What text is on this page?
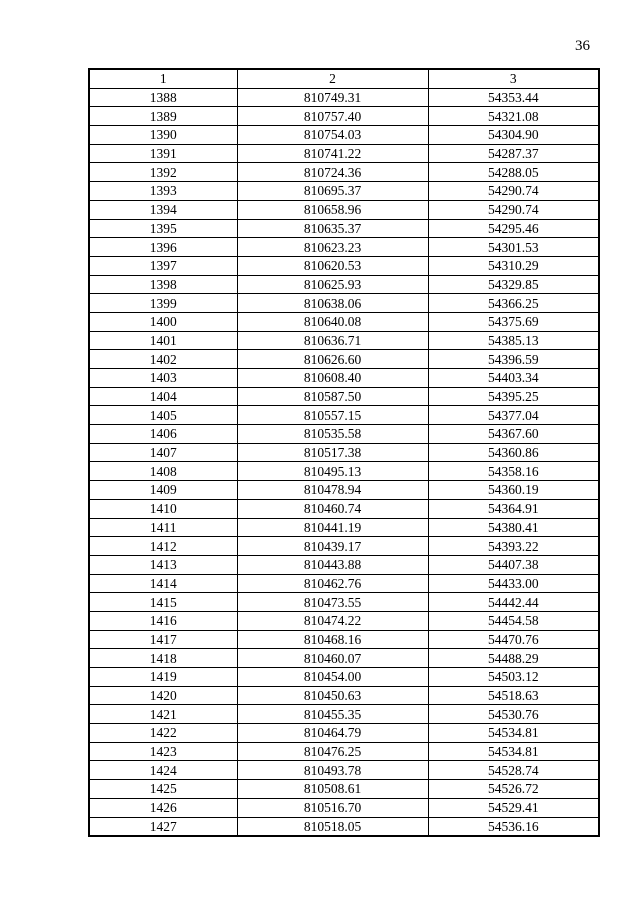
36
1	2	3
1388	810749.31	54353.44
1389	810757.40	54321.08
1390	810754.03	54304.90
1391	810741.22	54287.37
1392	810724.36	54288.05
1393	810695.37	54290.74
1394	810658.96	54290.74
1395	810635.37	54295.46
1396	810623.23	54301.53
1397	810620.53	54310.29
1398	810625.93	54329.85
1399	810638.06	54366.25
1400	810640.08	54375.69
1401	810636.71	54385.13
1402	810626.60	54396.59
1403	810608.40	54403.34
1404	810587.50	54395.25
1405	810557.15	54377.04
1406	810535.58	54367.60
1407	810517.38	54360.86
1408	810495.13	54358.16
1409	810478.94	54360.19
1410	810460.74	54364.91
1411	810441.19	54380.41
1412	810439.17	54393.22
1413	810443.88	54407.38
1414	810462.76	54433.00
1415	810473.55	54442.44
1416	810474.22	54454.58
1417	810468.16	54470.76
1418	810460.07	54488.29
1419	810454.00	54503.12
1420	810450.63	54518.63
1421	810455.35	54530.76
1422	810464.79	54534.81
1423	810476.25	54534.81
1424	810493.78	54528.74
1425	810508.61	54526.72
1426	810516.70	54529.41
1427	810518.05	54536.16
